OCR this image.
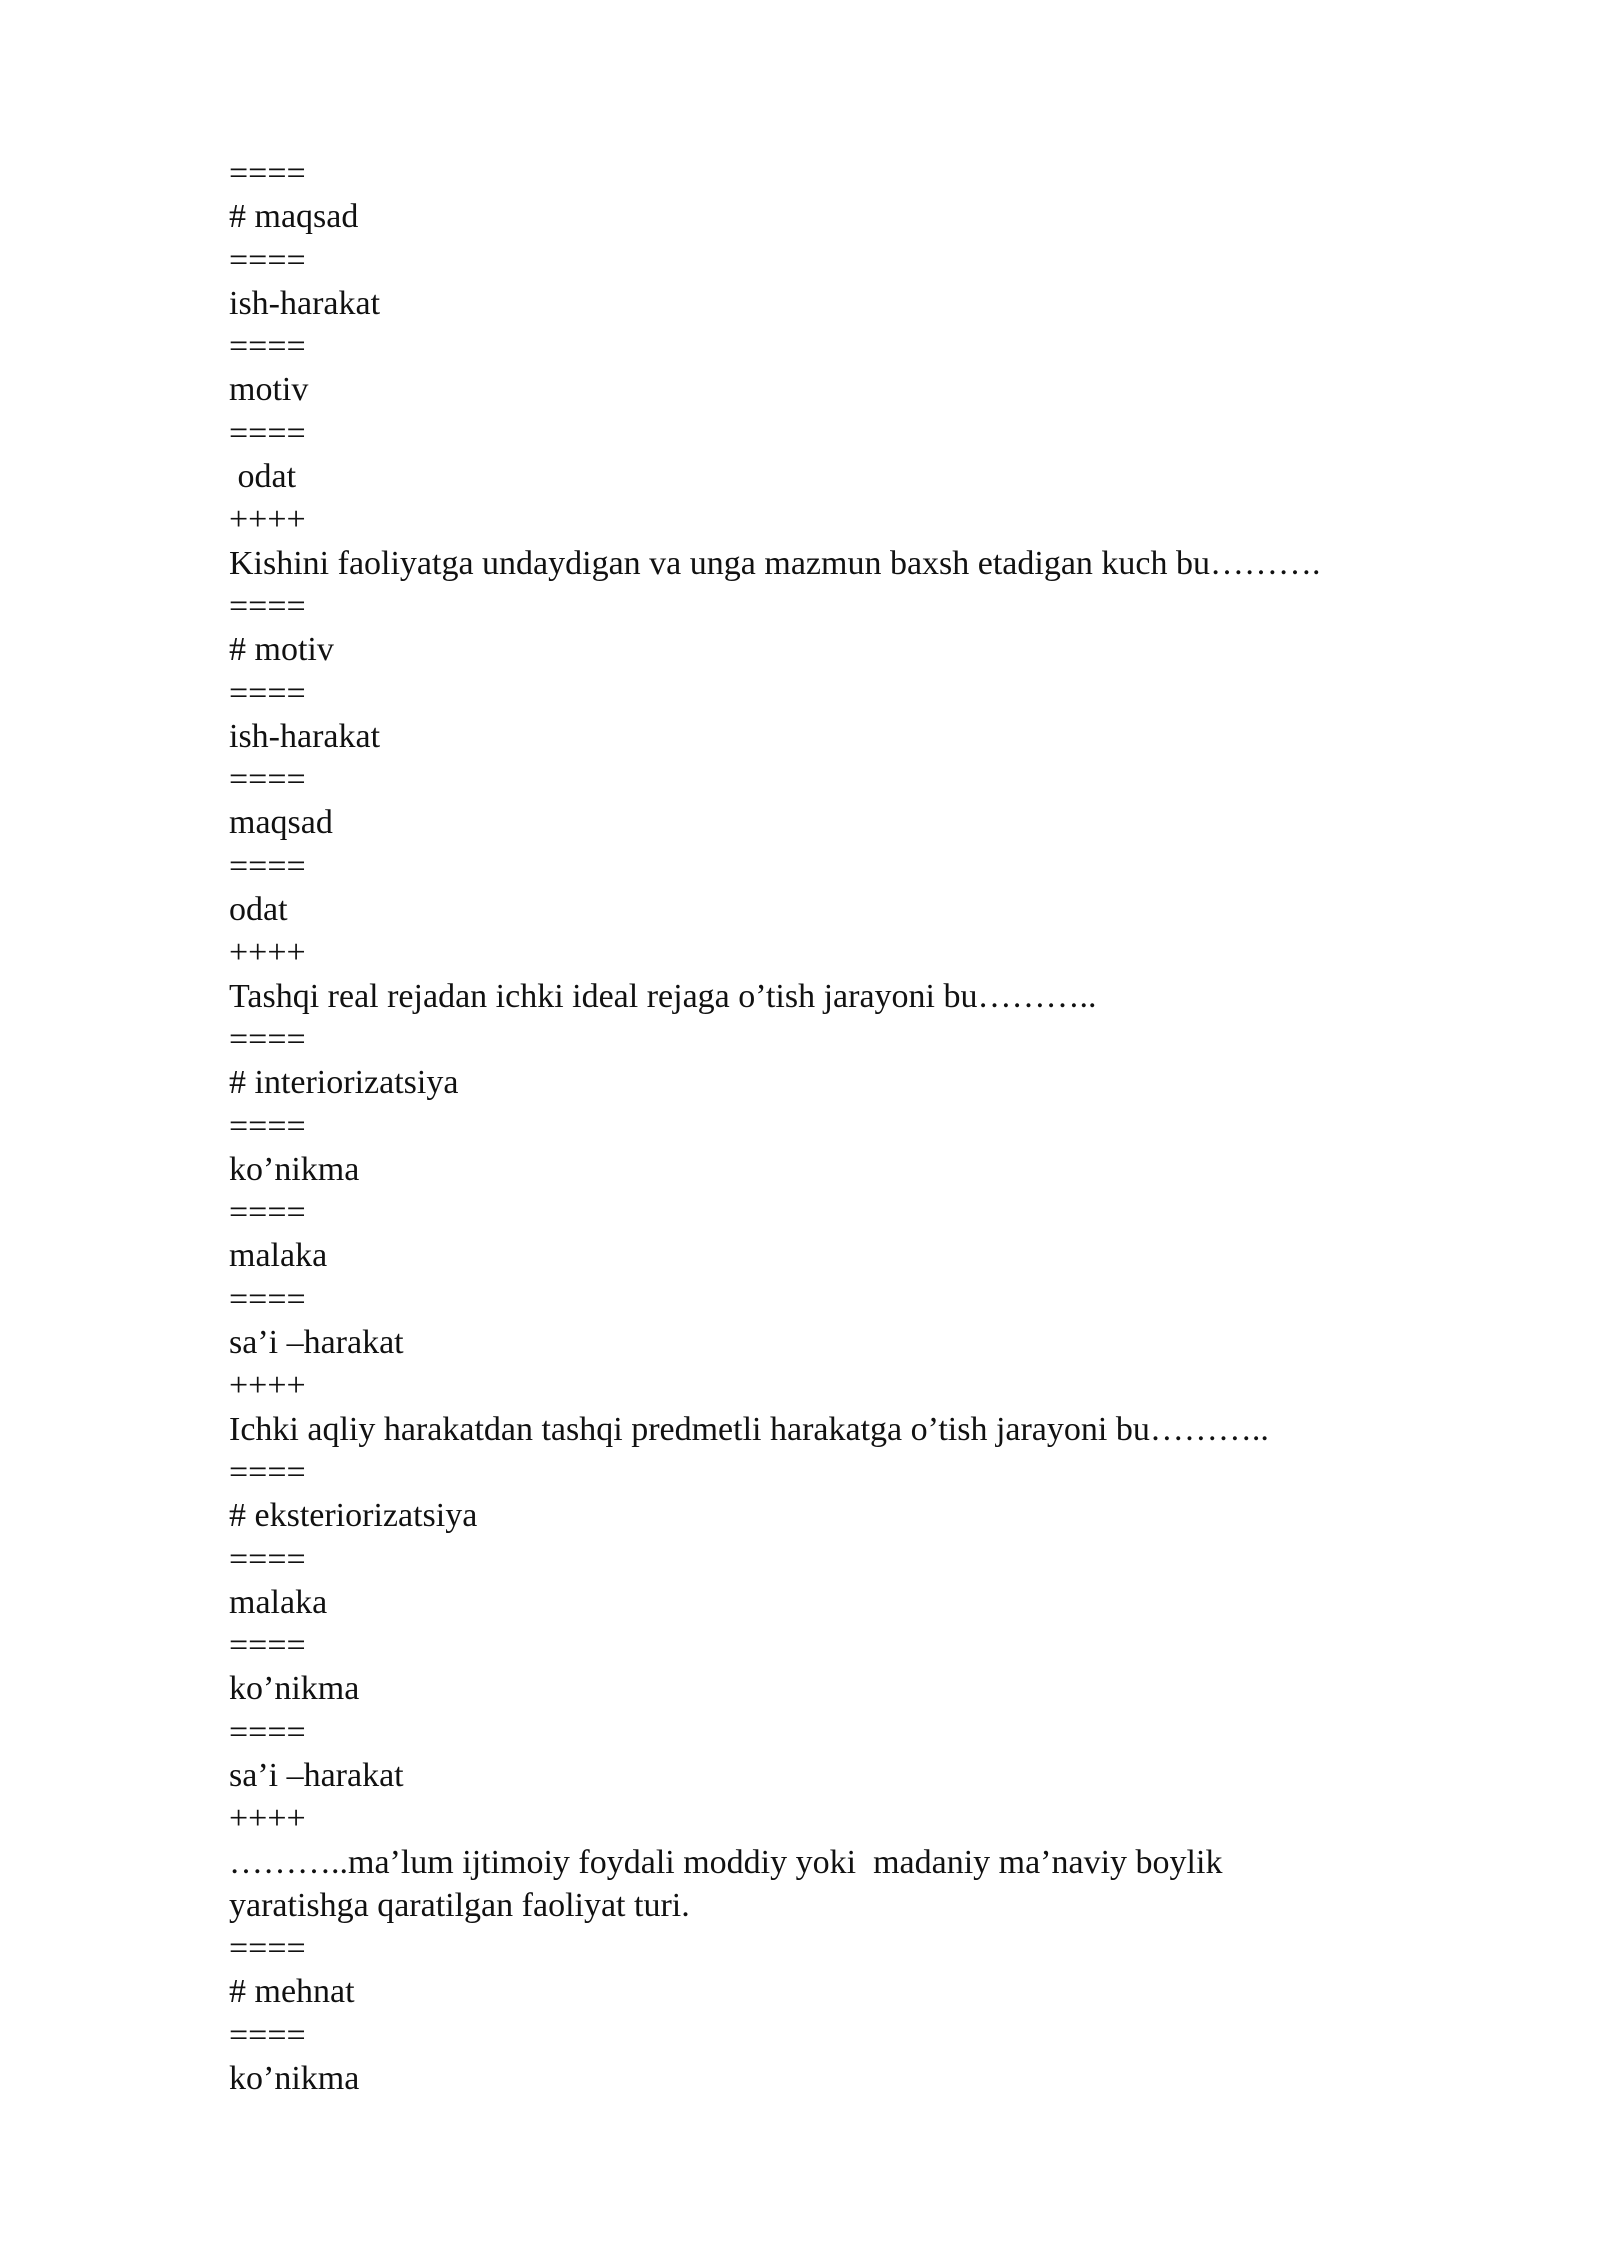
====
# maqsad
====
ish-harakat
====
motiv
====
odat
++++
Kishini faoliyatga undaydigan va unga mazmun baxsh etadigan kuch bu……….
====
# motiv
====
ish-harakat
====
maqsad
====
odat
++++
Tashqi real rejadan ichki ideal rejaga o’tish jarayoni bu………..
====
# interiorizatsiya
====
ko’nikma
====
malaka
====
sa’i –harakat
++++
Ichki aqliy harakatdan tashqi predmetli harakatga o’tish jarayoni bu………..
====
# eksteriorizatsiya
====
malaka
====
ko’nikma
====
sa’i –harakat
++++
………..ma’lum ijtimoiy foydali moddiy yoki  madaniy ma’naviy boylik
yaratishga qaratilgan faoliyat turi.
====
# mehnat
====
ko’nikma
